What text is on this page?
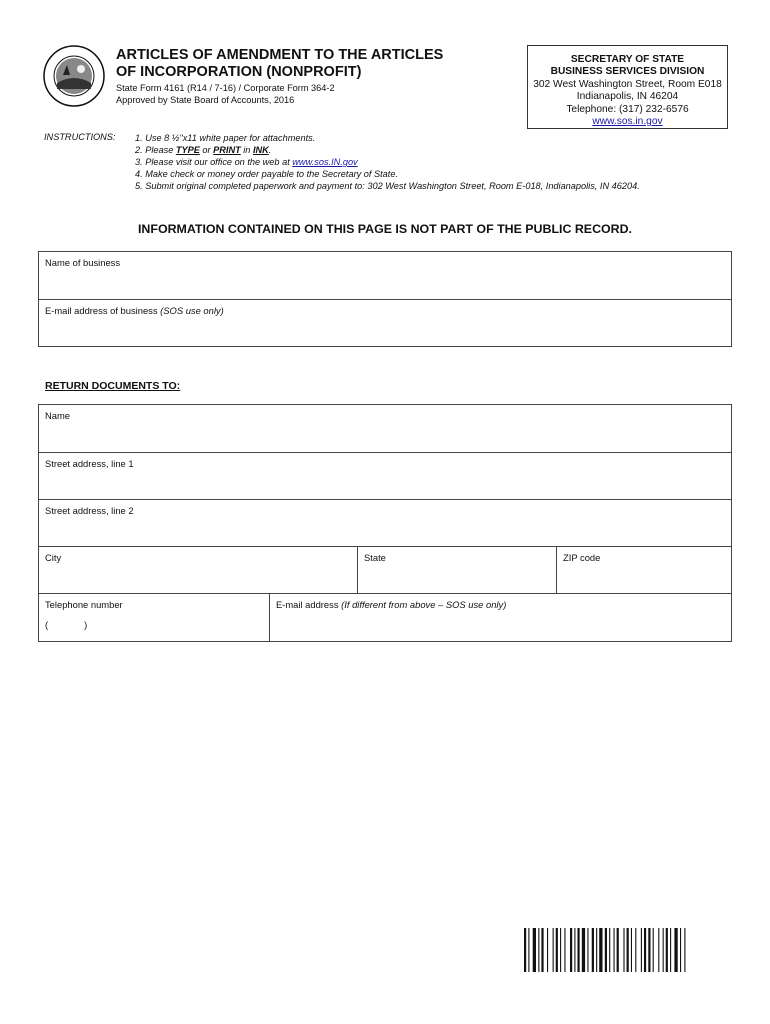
ARTICLES OF AMENDMENT TO THE ARTICLES
OF INCORPORATION (NONPROFIT)
State Form 4161 (R14 / 7-16) / Corporate Form 364-2
Approved by State Board of Accounts, 2016
SECRETARY OF STATE
BUSINESS SERVICES DIVISION
302 West Washington Street, Room E018
Indianapolis, IN 46204
Telephone: (317) 232-6576
www.sos.in.gov
INSTRUCTIONS: 1. Use 8 ½"x11 white paper for attachments.
2. Please TYPE or PRINT in INK.
3. Please visit our office on the web at www.sos.IN.gov
4. Make check or money order payable to the Secretary of State.
5. Submit original completed paperwork and payment to: 302 West Washington Street, Room E-018, Indianapolis, IN 46204.
INFORMATION CONTAINED ON THIS PAGE IS NOT PART OF THE PUBLIC RECORD.
Name of business
E-mail address of business (SOS use only)
RETURN DOCUMENTS TO:
Name
Street address, line 1
Street address, line 2
City	State	ZIP code
Telephone number
(	)
E-mail address (If different from above – SOS use only)
